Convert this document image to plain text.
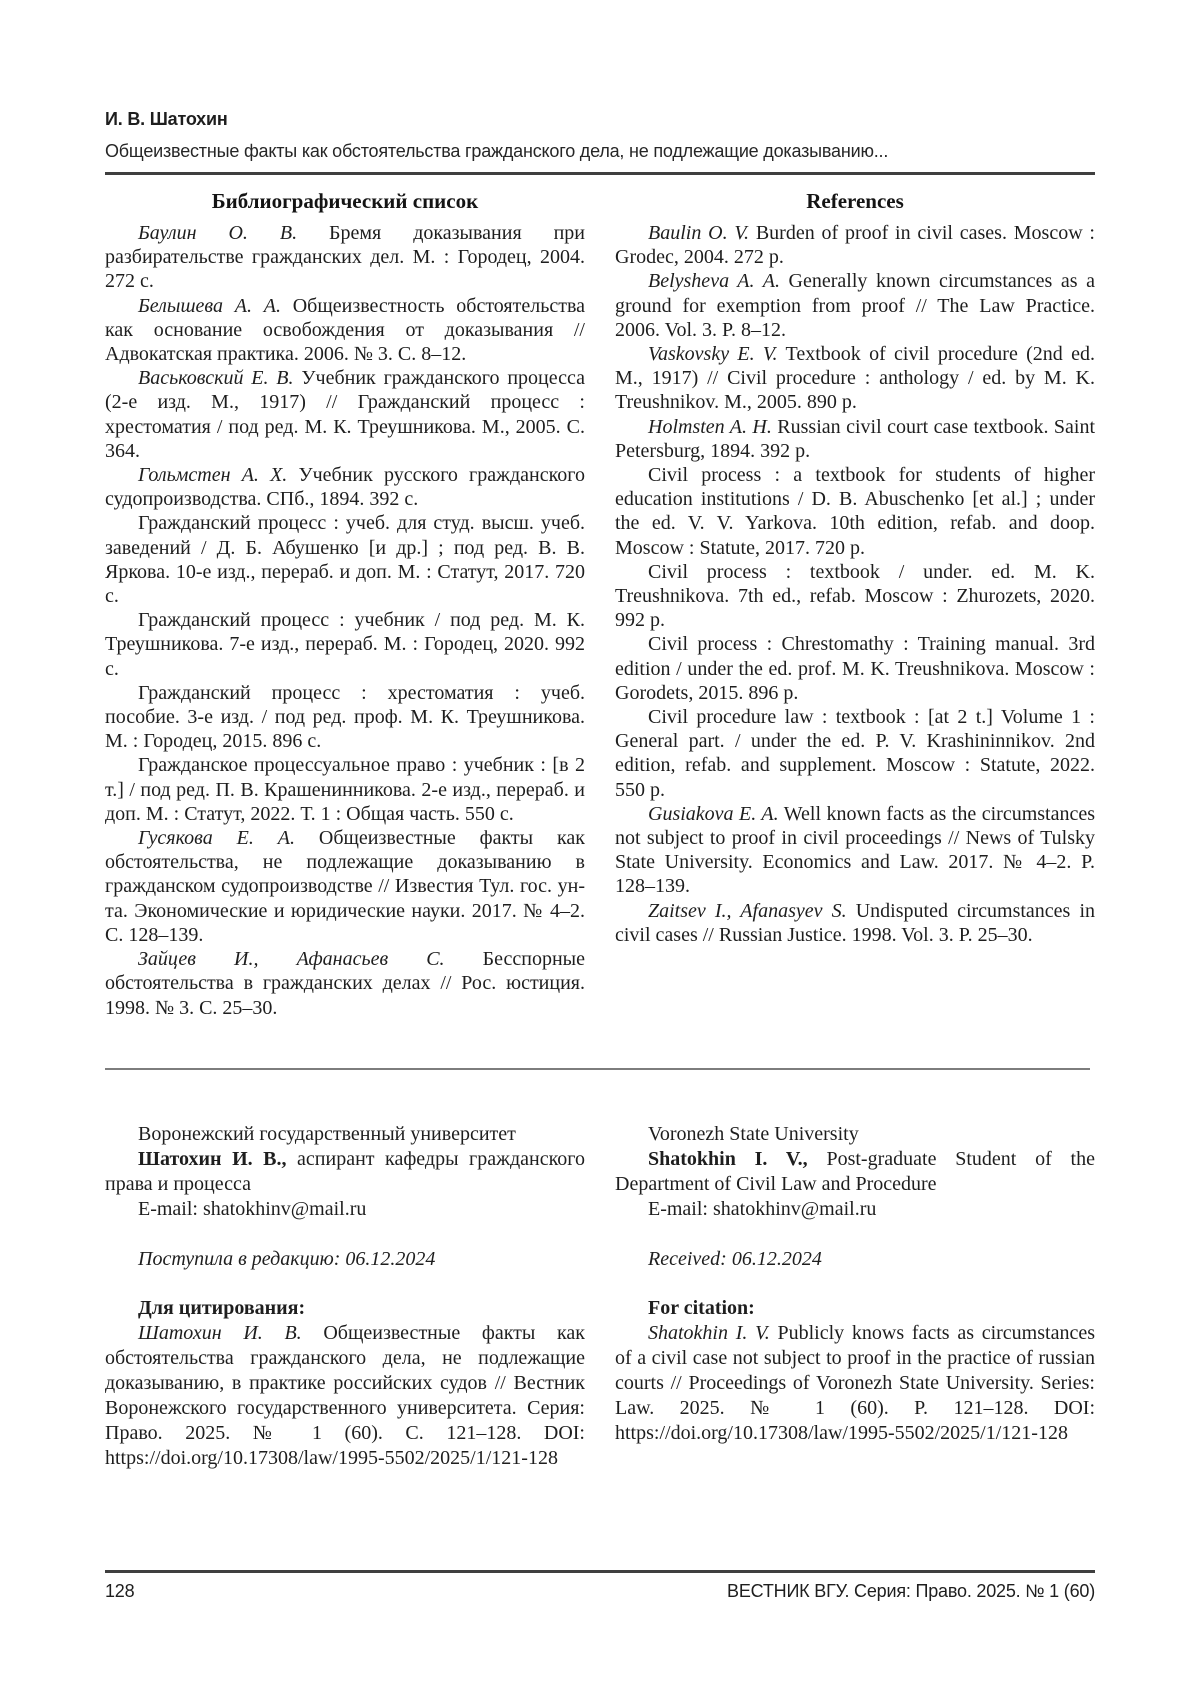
И. В. Шатохин
Общеизвестные факты как обстоятельства гражданского дела, не подлежащие доказыванию...
Библиографический список

Баулин О. В. Бремя доказывания при разбирательстве гражданских дел. М. : Городец, 2004. 272 с.

Белышева А. А. Общеизвестность обстоятельства как основание освобождения от доказывания // Адвокатская практика. 2006. № 3. С. 8–12.

Васьковский Е. В. Учебник гражданского процесса (2-е изд. М., 1917) // Гражданский процесс : хрестоматия / под ред. М. К. Треушникова. М., 2005. С. 364.

Гольмстен А. Х. Учебник русского гражданского судопроизводства. СПб., 1894. 392 с.

Гражданский процесс : учеб. для студ. высш. учеб. заведений / Д. Б. Абушенко [и др.] ; под ред. В. В. Яркова. 10-е изд., перераб. и доп. М. : Статут, 2017. 720 с.

Гражданский процесс : учебник / под ред. М. К. Треушникова. 7-е изд., перераб. М. : Городец, 2020. 992 с.

Гражданский процесс : хрестоматия : учеб. пособие. 3-е изд. / под ред. проф. М. К. Треушникова. М. : Городец, 2015. 896 с.

Гражданское процессуальное право : учебник : [в 2 т.] / под ред. П. В. Крашенинникова. 2-е изд., перераб. и доп. М. : Статут, 2022. Т. 1 : Общая часть. 550 с.

Гусякова Е. А. Общеизвестные факты как обстоятельства, не подлежащие доказыванию в гражданском судопроизводстве // Известия Тул. гос. ун-та. Экономические и юридические науки. 2017. № 4–2. С. 128–139.

Зайцев И., Афанасьев С. Бесспорные обстоятельства в гражданских делах // Рос. юстиция. 1998. № 3. С. 25–30.

References

Baulin O. V. Burden of proof in civil cases. Moscow : Grodec, 2004. 272 p.

Belysheva A. A. Generally known circumstances as a ground for exemption from proof // The Law Practice. 2006. Vol. 3. P. 8–12.

Vaskovsky E. V. Textbook of civil procedure (2nd ed. M., 1917) // Civil procedure : anthology / ed. by M. K. Treushnikov. M., 2005. 890 p.

Holmsten A. H. Russian civil court case textbook. Saint Petersburg, 1894. 392 p.

Civil process : a textbook for students of higher education institutions / D. B. Abuschenko [et al.] ; under the ed. V. V. Yarkova. 10th edition, refab. and doop. Moscow : Statute, 2017. 720 p.

Civil process : textbook / under. ed. M. K. Treushnikova. 7th ed., refab. Moscow : Zhurozets, 2020. 992 p.

Civil process : Chrestomathy : Training manual. 3rd edition / under the ed. prof. M. K. Treushnikova. Moscow : Gorodets, 2015. 896 p.

Civil procedure law : textbook : [at 2 t.] Volume 1 : General part. / under the ed. P. V. Krashininnikov. 2nd edition, refab. and supplement. Moscow : Statute, 2022. 550 p.

Gusiakova E. A. Well known facts as the circumstances not subject to proof in civil proceedings // News of Tulsky State University. Economics and Law. 2017. № 4–2. P. 128–139.

Zaitsev I., Afanasyev S. Undisputed circumstances in civil cases // Russian Justice. 1998. Vol. 3. P. 25–30.

Воронежский государственный университет

Шатохин И. В., аспирант кафедры гражданского права и процесса

E-mail: shatokhinv@mail.ru

Поступила в редакцию: 06.12.2024

Для цитирования:

Шатохин И. В. Общеизвестные факты как обстоятельства гражданского дела, не подлежащие доказыванию, в практике российских судов // Вестник Воронежского государственного университета. Серия: Право. 2025. № 1 (60). С. 121–128. DOI: https://doi.org/10.17308/law/1995-5502/2025/1/121-128

Voronezh State University

Shatokhin I. V., Post-graduate Student of the Department of Civil Law and Procedure

E-mail: shatokhinv@mail.ru

Received: 06.12.2024

For citation:

Shatokhin I. V. Publicly knows facts as circumstances of a civil case not subject to proof in the practice of russian courts // Proceedings of Voronezh State University. Series: Law. 2025. № 1 (60). P. 121–128. DOI: https://doi.org/10.17308/law/1995-5502/2025/1/121-128

128	ВЕСТНИК ВГУ. Серия: Право. 2025. № 1 (60)
